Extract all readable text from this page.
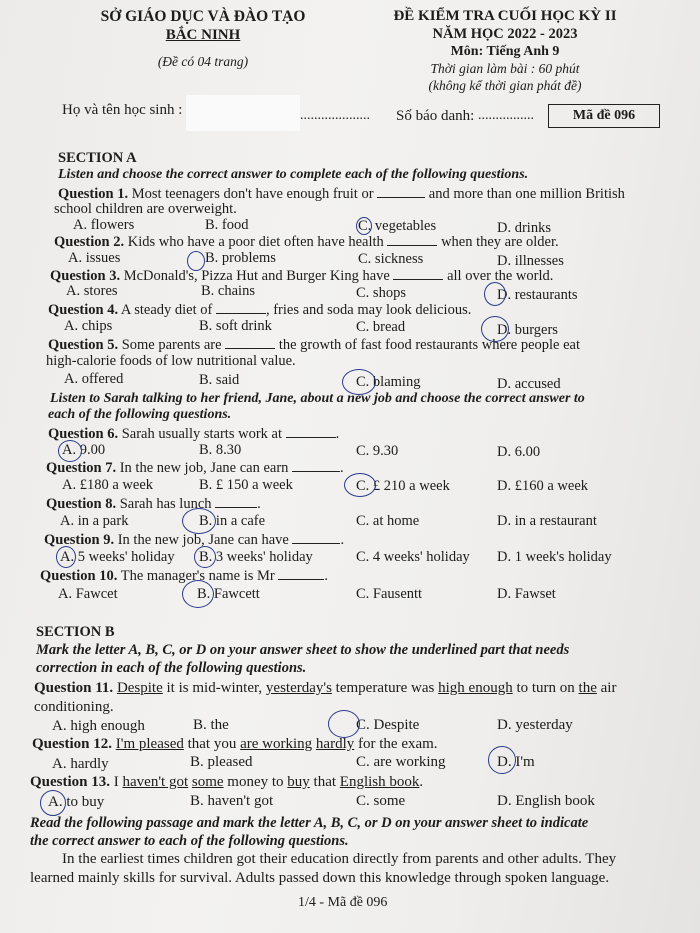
SỞ GIÁO DỤC VÀ ĐÀO TẠO
BẮC NINH
(Đề có 04 trang)
ĐỀ KIỂM TRA CUỐI HỌC KỲ II
NĂM HỌC 2022 - 2023
Môn: Tiếng Anh 9
Thời gian làm bài : 60 phút
(không kể thời gian phát đề)
Họ và tên học sinh :	.................... Số báo danh: ................	Mã đề 096
SECTION A
Listen and choose the correct answer to complete each of the following questions.
Question 1. Most teenagers don't have enough fruit or	and more than one million British
school children are overweight.
A. flowers	B. food	C. vegetables	D. drinks
Question 2. Kids who have a poor diet often have health	when they are older.
A. issues	B. problems	C. sickness	D. illnesses
Question 3. McDonald's, Pizza Hut and Burger King have	all over the world.
A. stores	B. chains	C. shops	D. restaurants
Question 4. A steady diet of	, fries and soda may look delicious.
A. chips	B. soft drink	C. bread	D. burgers
Question 5. Some parents are	the growth of fast food restaurants where people eat
high-calorie foods of low nutritional value.
A. offered	B. said	C. blaming	D. accused
Listen to Sarah talking to her friend, Jane, about a new job and choose the correct answer to
each of the following questions.
Question 6. Sarah usually starts work at	.
A. 9.00	B. 8.30	C. 9.30	D. 6.00
Question 7. In the new job, Jane can earn	.
A. £180 a week	B. £ 150 a week	C. £ 210 a week	D. £160 a week
Question 8. Sarah has lunch	.
A. in a park	B. in a cafe	C. at home	D. in a restaurant
Question 9. In the new job, Jane can have	.
A. 5 weeks' holiday B. 3 weeks' holiday	C. 4 weeks' holiday D. 1 week's holiday
Question 10. The manager's name is Mr	.
A. Fawcet	B. Fawcett	C. Fausentt	D. Fawset
SECTION B
Mark the letter A, B, C, or D on your answer sheet to show the underlined part that needs
correction in each of the following questions.
Question 11. Despite it is mid-winter, yesterday's temperature was high enough to turn on the air
conditioning.
A. high enough	B. the	C. Despite	D. yesterday
Question 12. I'm pleased that you are working hardly for the exam.
A. hardly	B. pleased	C. are working	D. I'm
Question 13. I haven't got some money to buy that English book.
A. to buy	B. haven't got	C. some	D. English book
Read the following passage and mark the letter A, B, C, or D on your answer sheet to indicate
the correct answer to each of the following questions.
In the earliest times children got their education directly from parents and other adults. They
learned mainly skills for survival. Adults passed down this knowledge through spoken language.
1/4 - Mã đề 096
